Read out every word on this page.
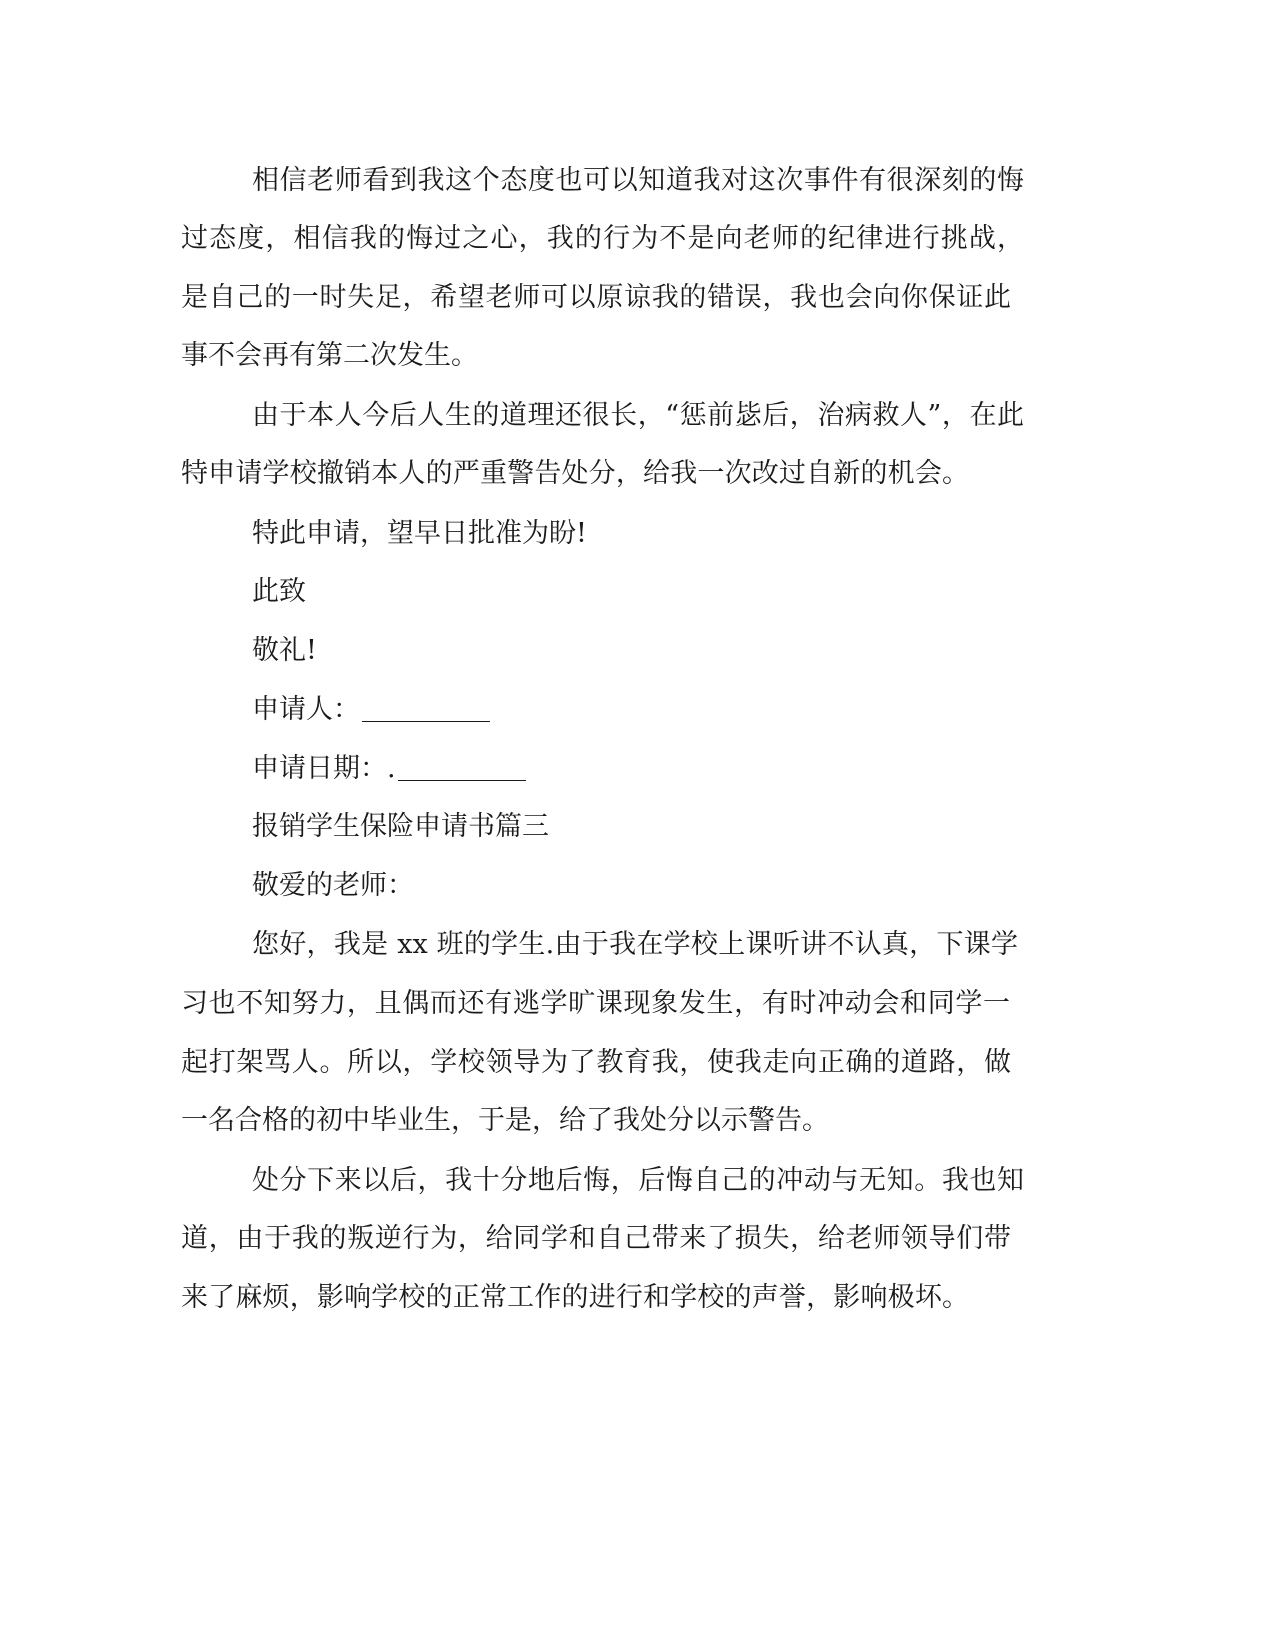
相信老师看到我这个态度也可以知道我对这次事件有很深刻的悔
过态度，相信我的悔过之心，我的行为不是向老师的纪律进行挑战，
是自己的一时失足，希望老师可以原谅我的错误，我也会向你保证此
事不会再有第二次发生。
由于本人今后人生的道理还很长，“惩前毖后，治病救人”，在此
特申请学校撤销本人的严重警告处分，给我一次改过自新的机会。
特此申请，望早日批准为盼!
此致
敬礼!
申请人：
申请日期：.
报销学生保险申请书篇三
敬爱的老师：
您好，我是 xx 班的学生.由于我在学校上课听讲不认真，下课学
习也不知努力，且偶而还有逃学旷课现象发生，有时冲动会和同学一
起打架骂人。所以，学校领导为了教育我，使我走向正确的道路，做
一名合格的初中毕业生，于是，给了我处分以示警告。
处分下来以后，我十分地后悔，后悔自己的冲动与无知。我也知
道，由于我的叛逆行为，给同学和自己带来了损失，给老师领导们带
来了麻烦，影响学校的正常工作的进行和学校的声誉，影响极坏。
